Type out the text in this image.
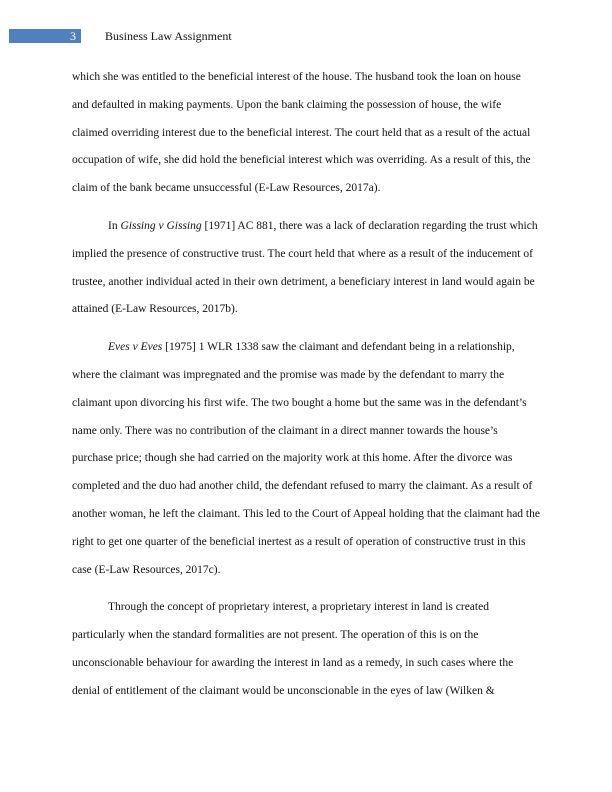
3	Business Law Assignment

which she was entitled to the beneficial interest of the house. The husband took the loan on house and defaulted in making payments. Upon the bank claiming the possession of house, the wife claimed overriding interest due to the beneficial interest. The court held that as a result of the actual occupation of wife, she did hold the beneficial interest which was overriding. As a result of this, the claim of the bank became unsuccessful (E-Law Resources, 2017a).

In Gissing v Gissing [1971] AC 881, there was a lack of declaration regarding the trust which implied the presence of constructive trust. The court held that where as a result of the inducement of trustee, another individual acted in their own detriment, a beneficiary interest in land would again be attained (E-Law Resources, 2017b).

Eves v Eves [1975] 1 WLR 1338 saw the claimant and defendant being in a relationship, where the claimant was impregnated and the promise was made by the defendant to marry the claimant upon divorcing his first wife. The two bought a home but the same was in the defendant’s name only. There was no contribution of the claimant in a direct manner towards the house’s purchase price; though she had carried on the majority work at this home. After the divorce was completed and the duo had another child, the defendant refused to marry the claimant. As a result of another woman, he left the claimant. This led to the Court of Appeal holding that the claimant had the right to get one quarter of the beneficial inertest as a result of operation of constructive trust in this case (E-Law Resources, 2017c).

Through the concept of proprietary interest, a proprietary interest in land is created particularly when the standard formalities are not present. The operation of this is on the unconscionable behaviour for awarding the interest in land as a remedy, in such cases where the denial of entitlement of the claimant would be unconscionable in the eyes of law (Wilken &
